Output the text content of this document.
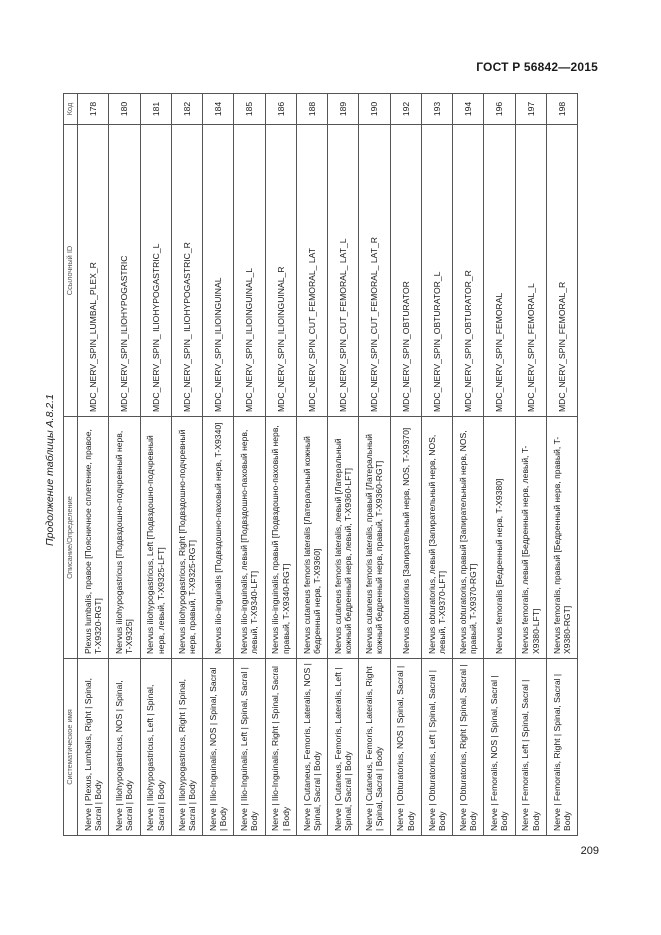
ГОСТ Р 56842—2015
Продолжение таблицы А.8.2.1
Систематическое имя	Описание/Определение	Ссылочный ID	Код
Nerve | Plexus, Lumbalis, Right | Spinal, Sacral | Body	Plexus lumbalis, правое [Поясничное сплетение, правое, T-X9320-RGT]	MDC_NERV_SPIN_LUMBAL_PLEX_R	178
Nerve | Iliohypogastricus, NOS | Spinal, Sacral | Body	Nervus iliohypogastricus [Подвздошно-подчревный нерв, T-X9325]	MDC_NERV_SPIN_ILIOHYPOGASTRIC	180
Nerve | Iliohypogastricus, Left | Spinal, Sacral | Body	Nervus iliohypogastricus, Left [Подвздошно-подчревный нерв, левый, T-X9325-LFT]	MDC_NERV_SPIN_ ILIOHYPOGASTRIC_L	181
Nerve | Iliohypogastricus, Right | Spinal, Sacral | Body	Nervus iliohypogastricus, Right [Подвздошно-подчревный нерв, правый, T-X9325-RGT]	MDC_NERV_SPIN_ ILIOHYPOGASTRIC_R	182
Nerve | Ilio-Inguinalis, NOS | Spinal, Sacral | Body	Nervus ilio-inguinalis [Подвздошно-паховый нерв, T-X9340]	MDC_NERV_SPIN_ILIOINGUINAL	184
Nerve | Ilio-Inguinalis, Left | Spinal, Sacral | Body	Nervus ilio-inguinalis, левый [Подвздошно-паховый нерв, левый, T-X9340-LFT]	MDC_NERV_SPIN_ILIOINGUINAL_L	185
Nerve | Ilio-Inguinalis, Right | Spinal, Sacral | Body	Nervus ilio-inguinalis, правый [Подвздошно-паховый нерв, правый, T-X9340-RGT]	MDC_NERV_SPIN_ILIOINGUINAL_R	186
Nerve | Cutaneus, Femoris, Lateralis, NOS | Spinal, Sacral | Body	Nervus cutaneus femoris lateralis [Латеральный кожный бедренный нерв, T-X9360]	MDC_NERV_SPIN_CUT_FEMORAL_ LAT	188
Nerve | Cutaneus, Femoris, Lateralis, Left | Spinal, Sacral | Body	Nervus cutaneus femoris lateralis, левый [Латеральный кожный бедренный нерв, левый, T-X9360-LFT]	MDC_NERV_SPIN_CUT_FEMORAL_ LAT_L	189
Nerve | Cutaneus, Femoris, Lateralis, Right | Spinal, Sacral | Body	Nervus cutaneus femoris lateralis, правый [Латеральный кожный бедренный нерв, правый, T-X9360-RGT]	MDC_NERV_SPIN_CUT_FEMORAL_ LAT_R	190
Nerve | Obturatorius, NOS | Spinal, Sacral | Body	Nervus obturatorius [Запирательный нерв, NOS, T-X9370]	MDC_NERV_SPIN_OBTURATOR	192
Nerve | Obturatorius, Left | Spinal, Sacral | Body	Nervus obturatorius, левый [Запирательный нерв, NOS, левый, T-X9370-LFT]	MDC_NERV_SPIN_OBTURATOR_L	193
Nerve | Obturatorius, Right | Spinal, Sacral | Body	Nervus obturatorius, правый [Запирательный нерв, NOS, правый, T-X9370-RGT]	MDC_NERV_SPIN_OBTURATOR_R	194
Nerve | Femoralis, NOS | Spinal, Sacral | Body	Nervus femoralis [Бедренный нерв, T-X9380]	MDC_NERV_SPIN_FEMORAL	196
Nerve | Femoralis, Left | Spinal, Sacral | Body	Nervus femoralis, левый [Бедренный нерв, левый, T-X9380-LFT]	MDC_NERV_SPIN_FEMORAL_L	197
Nerve | Femoralis, Right | Spinal, Sacral | Body	Nervus femoralis, правый [Бедренный нерв, правый, T-X9380-RGT]	MDC_NERV_SPIN_FEMORAL_R	198
209
